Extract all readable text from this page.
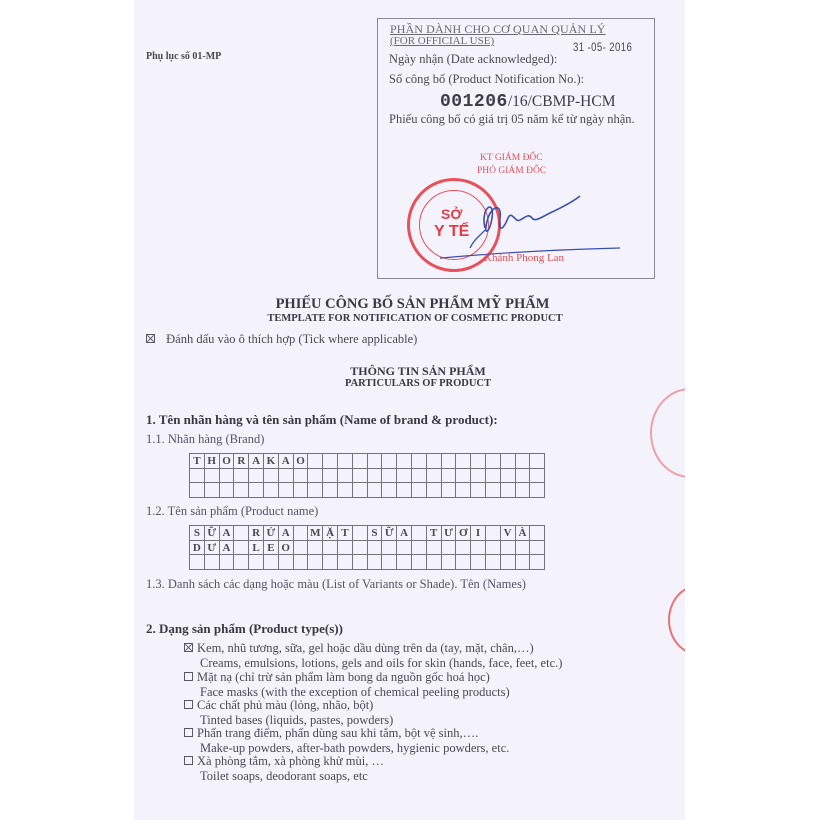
Phụ lục số 01-MP
PHẦN DÀNH CHO CƠ QUAN QUẢN LÝ
(FOR OFFICIAL USE)	31 -05- 2016
Ngày nhận (Date acknowledged):
Số công bố (Product Notification No.):
001206/16/CBMP-HCM
Phiếu công bố có giá trị 05 năm kể từ ngày nhận.
KT GIÁM ĐỐC
PHÓ GIÁM ĐỐC
SỞ
Y TẾ
Khánh Phong Lan
PHIẾU CÔNG BỐ SẢN PHẨM MỸ PHẨM
TEMPLATE FOR NOTIFICATION OF COSMETIC PRODUCT
Đánh dấu vào ô thích hợp (Tick where applicable)
THÔNG TIN SẢN PHẨM
PARTICULARS OF PRODUCT
1. Tên nhãn hàng và tên sản phẩm (Name of brand & product):
1.1. Nhãn hàng (Brand)
T H O R A K A O
1.2. Tên sản phẩm (Product name)
S Ữ A	R Ử A	M Ặ T	S Ữ A	T Ư Ơ I	V À
D Ư A	L E O
1.3. Danh sách các dạng hoặc màu (List of Variants or Shade). Tên (Names)
2. Dạng sản phẩm (Product type(s))
Kem, nhũ tương, sữa, gel hoặc dầu dùng trên da (tay, mặt, chân,…)
Creams, emulsions, lotions, gels and oils for skin (hands, face, feet, etc.)
Mặt nạ (chỉ trừ sản phẩm làm bong da nguồn gốc hoá học)
Face masks (with the exception of chemical peeling products)
Các chất phủ màu (lỏng, nhão, bột)
Tinted bases (liquids, pastes, powders)
Phấn trang điểm, phấn dùng sau khi tắm, bột vệ sinh,….
Make-up powders, after-bath powders, hygienic powders, etc.
Xà phòng tắm, xà phòng khử mùi, …
Toilet soaps, deodorant soaps, etc
